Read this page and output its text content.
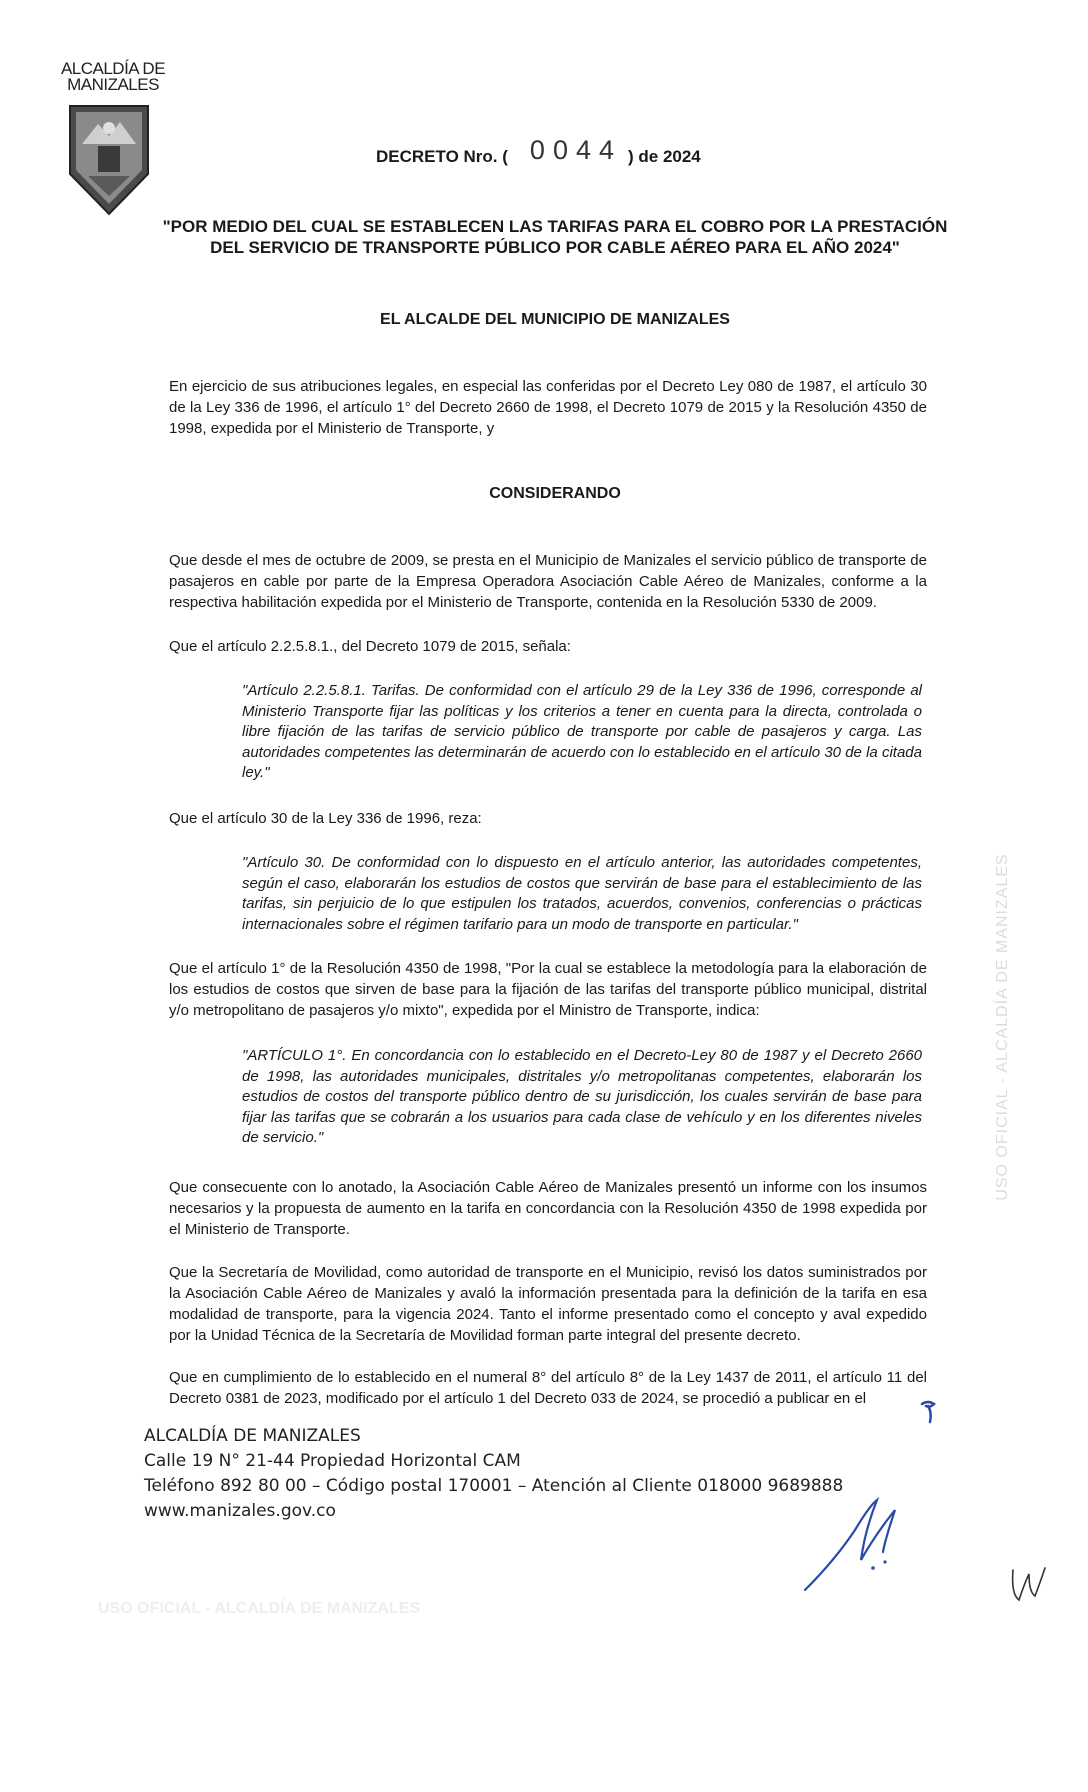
ALCALDÍA DE MANIZALES
DECRETO Nro. ( 0044 ) de 2024
"POR MEDIO DEL CUAL SE ESTABLECEN LAS TARIFAS PARA EL COBRO POR LA PRESTACIÓN DEL SERVICIO DE TRANSPORTE PÚBLICO POR CABLE AÉREO PARA EL AÑO 2024"
EL ALCALDE DEL MUNICIPIO DE MANIZALES
En ejercicio de sus atribuciones legales, en especial las conferidas por el Decreto Ley 080 de 1987, el artículo 30 de la Ley 336 de 1996, el artículo 1° del Decreto 2660 de 1998, el Decreto 1079 de 2015 y la Resolución 4350 de 1998, expedida por el Ministerio de Transporte, y
CONSIDERANDO
Que desde el mes de octubre de 2009, se presta en el Municipio de Manizales el servicio público de transporte de pasajeros en cable por parte de la Empresa Operadora Asociación Cable Aéreo de Manizales, conforme a la respectiva habilitación expedida por el Ministerio de Transporte, contenida en la Resolución 5330 de 2009.
Que el artículo 2.2.5.8.1., del Decreto 1079 de 2015, señala:
"Artículo 2.2.5.8.1. Tarifas. De conformidad con el artículo 29 de la Ley 336 de 1996, corresponde al Ministerio Transporte fijar las políticas y los criterios a tener en cuenta para la directa, controlada o libre fijación de las tarifas de servicio público de transporte por cable de pasajeros y carga. Las autoridades competentes las determinarán de acuerdo con lo establecido en el artículo 30 de la citada ley."
Que el artículo 30 de la Ley 336 de 1996, reza:
"Artículo 30. De conformidad con lo dispuesto en el artículo anterior, las autoridades competentes, según el caso, elaborarán los estudios de costos que servirán de base para el establecimiento de las tarifas, sin perjuicio de lo que estipulen los tratados, acuerdos, convenios, conferencias o prácticas internacionales sobre el régimen tarifario para un modo de transporte en particular."
Que el artículo 1° de la Resolución 4350 de 1998, "Por la cual se establece la metodología para la elaboración de los estudios de costos que sirven de base para la fijación de las tarifas del transporte público municipal, distrital y/o metropolitano de pasajeros y/o mixto", expedida por el Ministro de Transporte, indica:
"ARTÍCULO 1°. En concordancia con lo establecido en el Decreto-Ley 80 de 1987 y el Decreto 2660 de 1998, las autoridades municipales, distritales y/o metropolitanas competentes, elaborarán los estudios de costos del transporte público dentro de su jurisdicción, los cuales servirán de base para fijar las tarifas que se cobrarán a los usuarios para cada clase de vehículo y en los diferentes niveles de servicio."
Que consecuente con lo anotado, la Asociación Cable Aéreo de Manizales presentó un informe con los insumos necesarios y la propuesta de aumento en la tarifa en concordancia con la Resolución 4350 de 1998 expedida por el Ministerio de Transporte.
Que la Secretaría de Movilidad, como autoridad de transporte en el Municipio, revisó los datos suministrados por la Asociación Cable Aéreo de Manizales y avaló la información presentada para la definición de la tarifa en esa modalidad de transporte, para la vigencia 2024. Tanto el informe presentado como el concepto y aval expedido por la Unidad Técnica de la Secretaría de Movilidad forman parte integral del presente decreto.
Que en cumplimiento de lo establecido en el numeral 8° del artículo 8° de la Ley 1437 de 2011, el artículo 11 del Decreto 0381 de 2023, modificado por el artículo 1 del Decreto 033 de 2024, se procedió a publicar en el
ALCALDÍA DE MANIZALES
Calle 19 N° 21-44 Propiedad Horizontal CAM
Teléfono 892 80 00 – Código postal 170001 – Atención al Cliente 018000 9689888
www.manizales.gov.co
USO OFICIAL - ALCALDÍA DE MANIZALES
USO OFICIAL - ALCALDÍA DE MANIZALES
